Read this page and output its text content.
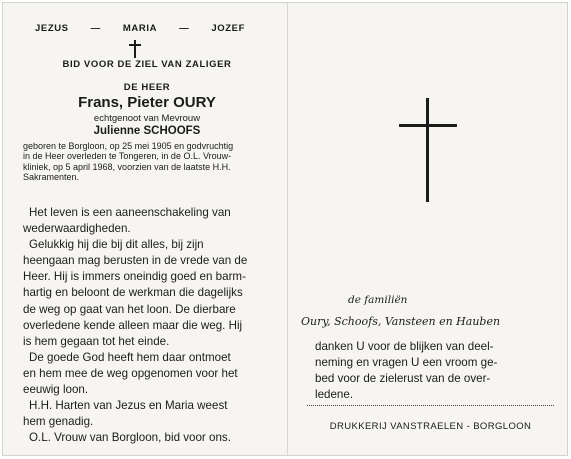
JEZUS — MARIA — JOZEF
BID VOOR DE ZIEL VAN ZALIGER
DE HEER
Frans, Pieter OURY
echtgenoot van Mevrouw
Julienne SCHOOFS
geboren te Borgloon, op 25 mei 1905 en godvruchtig
in de Heer overleden te Tongeren, in de O.L. Vrouw-
kliniek, op 5 april 1968, voorzien van de laatste H.H.
Sakramenten.
Het leven is een aaneenschakeling van
wederwaardigheden.
Gelukkig hij die bij dit alles, bij zijn
heengaan mag berusten in de vrede van de
Heer. Hij is immers oneindig goed en barm-
hartig en beloont de werkman die dagelijks
de weg op gaat van het loon. De dierbare
overledene kende alleen maar die weg. Hij
is hem gegaan tot het einde.
De goede God heeft hem daar ontmoet
en hem mee de weg opgenomen voor het
eeuwig loon.
H.H. Harten van Jezus en Maria weest
hem genadig.
O.L. Vrouw van Borgloon, bid voor ons.
de familiën
Oury, Schoofs, Vansteen en Hauben
danken U voor de blijken van deel-
neming en vragen U een vroom ge-
bed voor de zielerust van de over-
ledene.
DRUKKERIJ VANSTRAELEN - BORGLOON
